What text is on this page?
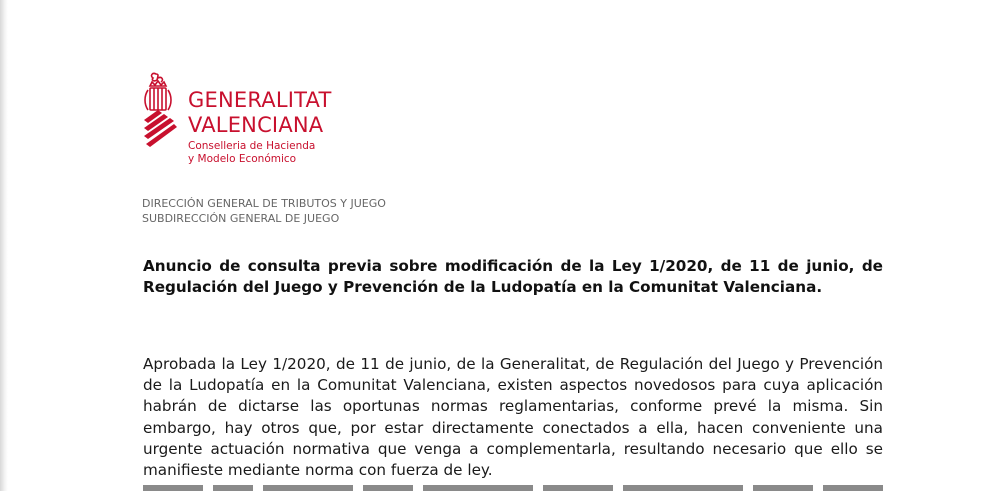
GENERALITAT
VALENCIANA
Conselleria de Hacienda
y Modelo Económico
DIRECCIÓN GENERAL DE TRIBUTOS Y JUEGO
SUBDIRECCIÓN GENERAL DE JUEGO

Anuncio de consulta previa sobre modificación de la Ley 1/2020, de 11 de junio, de Regulación del Juego y Prevención de la Ludopatía en la Comunitat Valenciana.

Aprobada la Ley 1/2020, de 11 de junio, de la Generalitat, de Regulación del Juego y Prevención de la Ludopatía en la Comunitat Valenciana, existen aspectos novedosos para cuya aplicación habrán de dictarse las oportunas normas reglamentarias, conforme prevé la misma. Sin embargo, hay otros que, por estar directamente conectados a ella, hacen conveniente una urgente actuación normativa que venga a complementarla, resultando necesario que ello se manifieste mediante norma con fuerza de ley.
